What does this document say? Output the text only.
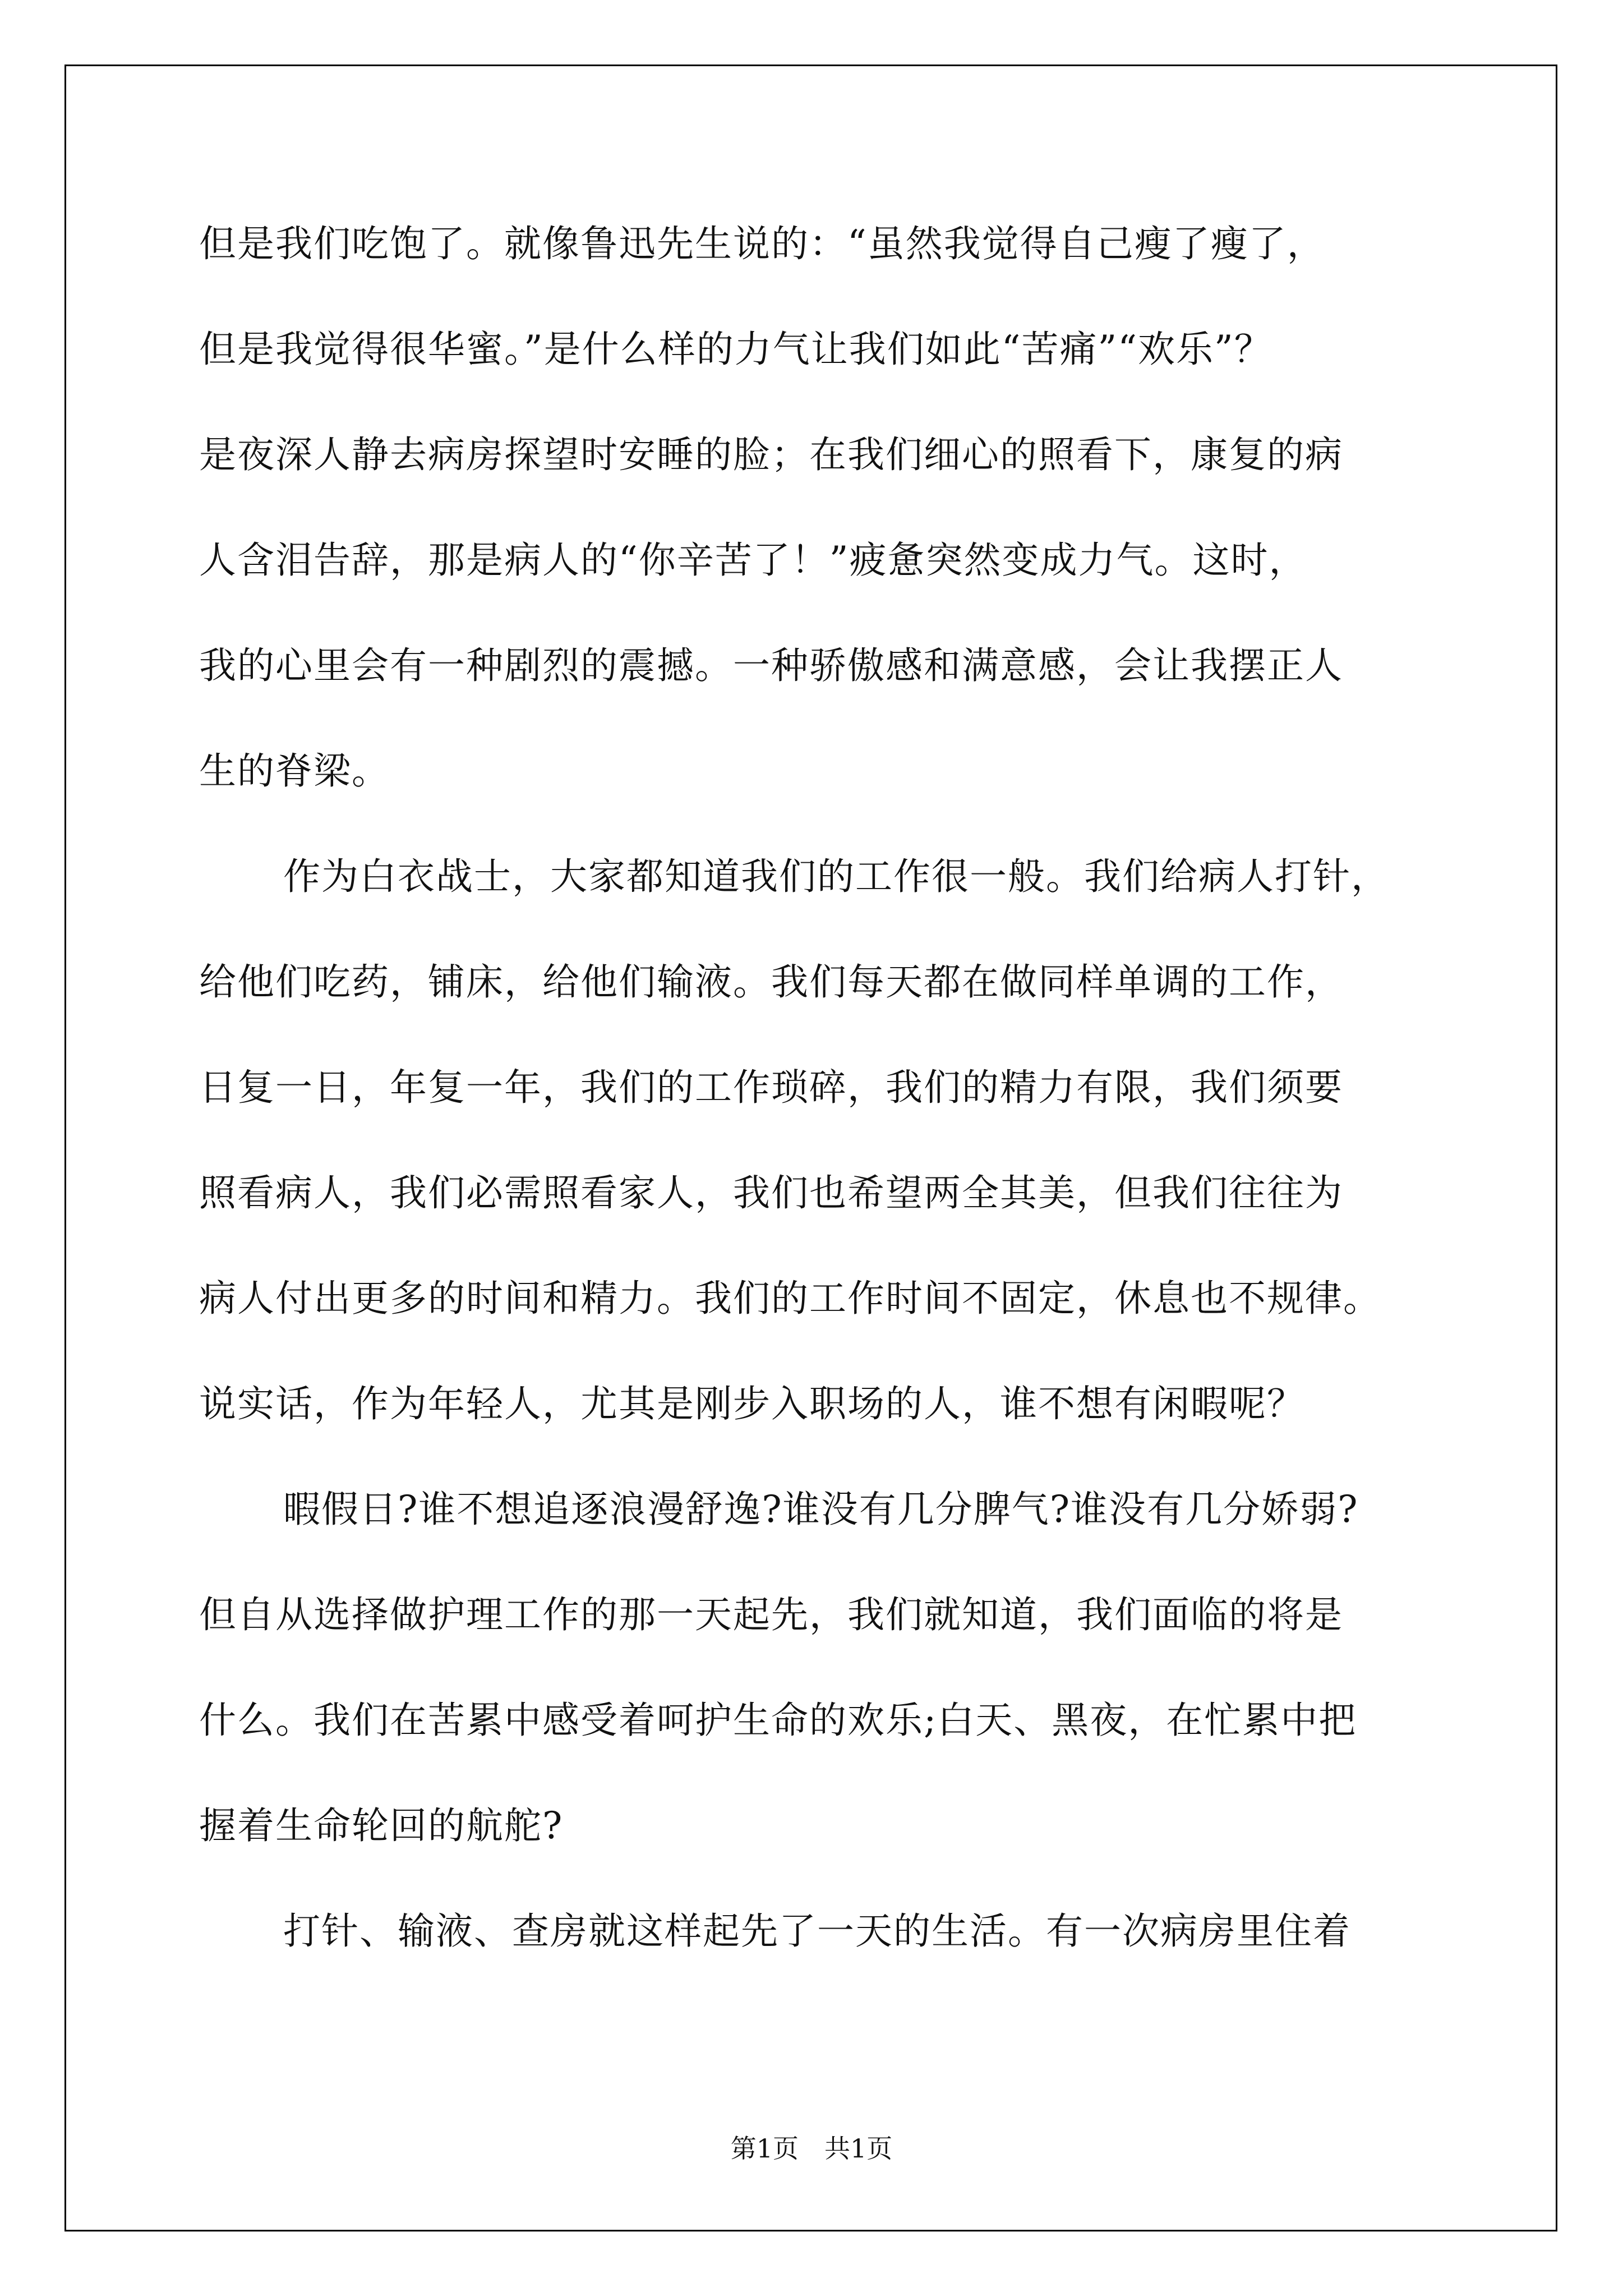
但是我们吃饱了。就像鲁迅先生说的：“虽然我觉得自己瘦了瘦了，
但是我觉得很华蜜。”是什么样的力气让我们如此“苦痛”“欢乐”？
是夜深人静去病房探望时安睡的脸；在我们细心的照看下，康复的病
人含泪告辞，那是病人的“你辛苦了！”疲惫突然变成力气。这时，
我的心里会有一种剧烈的震撼。一种骄傲感和满意感，会让我摆正人
生的脊梁。
作为白衣战士，大家都知道我们的工作很一般。我们给病人打针，
给他们吃药，铺床，给他们输液。我们每天都在做同样单调的工作，
日复一日，年复一年，我们的工作琐碎，我们的精力有限，我们须要
照看病人，我们必需照看家人，我们也希望两全其美，但我们往往为
病人付出更多的时间和精力。我们的工作时间不固定，休息也不规律。
说实话，作为年轻人，尤其是刚步入职场的人，谁不想有闲暇呢？
暇假日?谁不想追逐浪漫舒逸?谁没有几分脾气?谁没有几分娇弱?
但自从选择做护理工作的那一天起先，我们就知道，我们面临的将是
什么。我们在苦累中感受着呵护生命的欢乐;白天、黑夜，在忙累中把
握着生命轮回的航舵?
打针、输液、查房就这样起先了一天的生活。有一次病房里住着
第1页　共1页
